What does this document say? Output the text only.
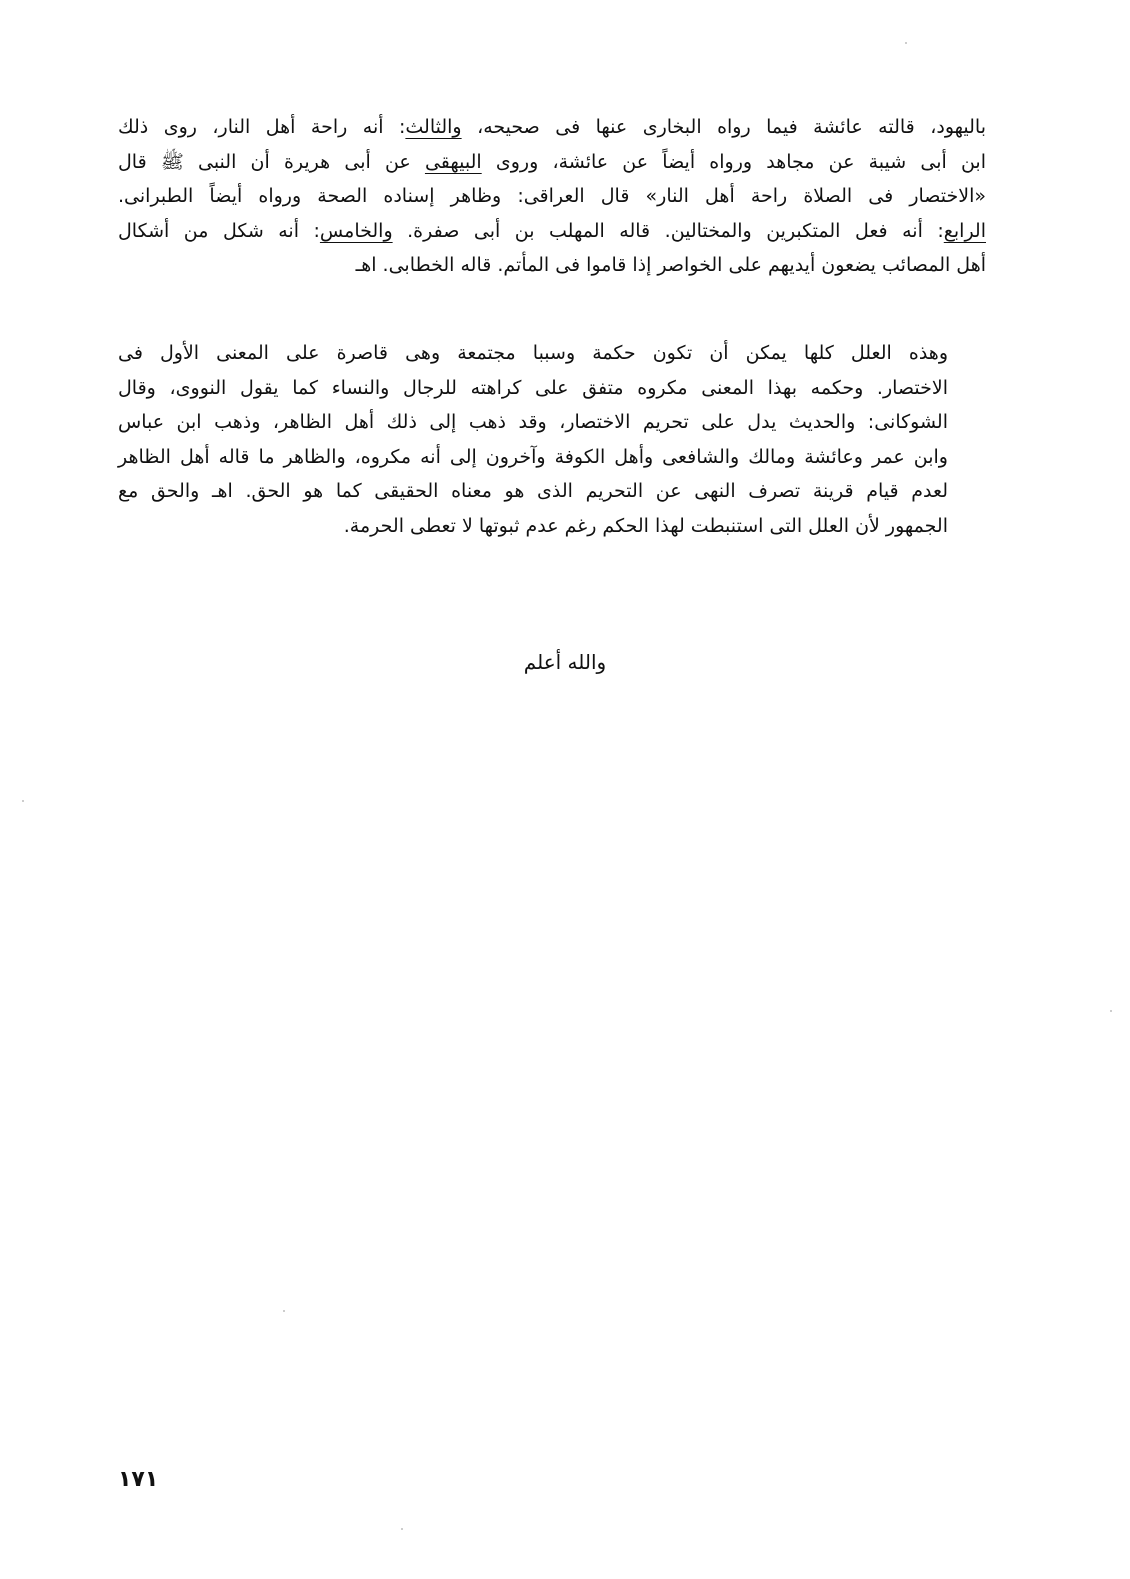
باليهود، قالته عائشة فيما رواه البخارى عنها فى صحيحه، والثالث: أنه راحة أهل النار، روى ذلك
ابن أبى شيبة عن مجاهد ورواه أيضاً عن عائشة، وروى البيهقى عن أبى هريرة أن النبى ﷺ قال
«الاختصار فى الصلاة راحة أهل النار» قال العراقى: وظاهر إسناده الصحة ورواه أيضاً الطبرانى.
الرابع: أنه فعل المتكبرين والمختالين. قاله المهلب بن أبى صفرة. والخامس: أنه شكل من أشكال
أهل المصائب يضعون أيديهم على الخواصر إذا قاموا فى المأتم. قاله الخطابى. اهـ
وهذه العلل كلها يمكن أن تكون حكمة وسببا مجتمعة وهى قاصرة على المعنى الأول فى
الاختصار. وحكمه بهذا المعنى مكروه متفق على كراهته للرجال والنساء كما يقول النووى، وقال
الشوكانى: والحديث يدل على تحريم الاختصار، وقد ذهب إلى ذلك أهل الظاهر، وذهب ابن عباس
وابن عمر وعائشة ومالك والشافعى وأهل الكوفة وآخرون إلى أنه مكروه، والظاهر ما قاله أهل الظاهر
لعدم قيام قرينة تصرف النهى عن التحريم الذى هو معناه الحقيقى كما هو الحق. اهـ والحق مع
الجمهور لأن العلل التى استنبطت لهذا الحكم رغم عدم ثبوتها لا تعطى الحرمة.
والله أعلم
١٧١
